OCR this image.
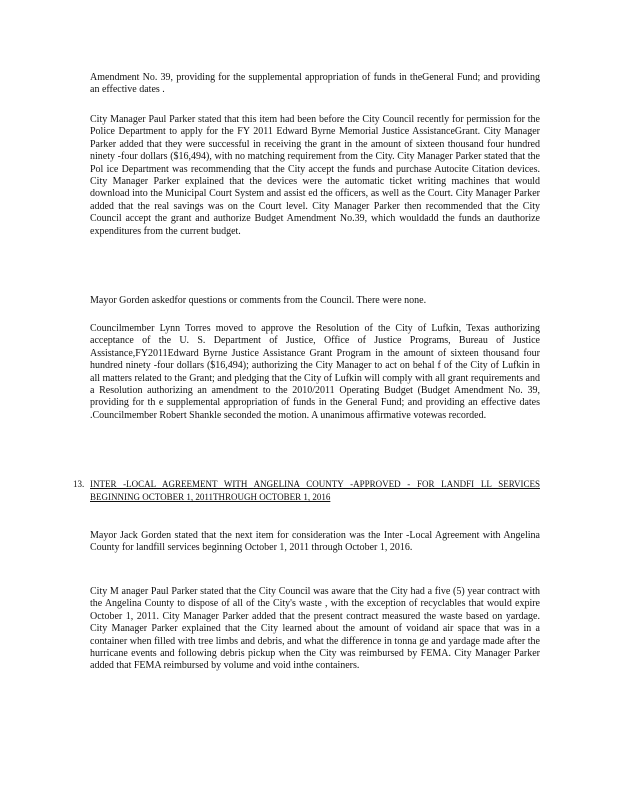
Amendment No. 39, providing for the supplemental appropriation of funds in theGeneral Fund; and providing an effective dates .

City Manager Paul Parker stated that this item had been before the City Council recently for permission for the Police Department to apply for the FY 2011 Edward Byrne Memorial Justice AssistanceGrant. City Manager Parker added that they were successful in receiving the grant in the amount of sixteen thousand four hundred ninety -four dollars ($16,494), with no matching requirement from the City. City Manager Parker stated that the Pol ice Department was recommending that the City accept the funds and purchase Autocite Citation devices. City Manager Parker explained that the devices were the automatic ticket writing machines that would download into the Municipal Court System and assist ed the officers, as well as the Court. City Manager Parker added that the real savings was on the Court level. City Manager Parker then recommended that the City Council accept the grant and authorize Budget Amendment No.39, which wouldadd the funds an dauthorize expenditures from the current budget.

Mayor Gorden askedfor questions or comments from the Council. There were none.

Councilmember Lynn Torres moved to approve the Resolution of the City of Lufkin, Texas authorizing acceptance of the U. S. Department of Justice, Office of Justice Programs, Bureau of Justice Assistance,FY2011Edward Byrne Justice Assistance Grant Program in the amount of sixteen thousand four hundred ninety -four dollars ($16,494); authorizing the City Manager to act on behal f of the City of Lufkin in all matters related to the Grant; and pledging that the City of Lufkin will comply with all grant requirements and a Resolution authorizing an amendment to the 2010/2011 Operating Budget (Budget Amendment No. 39, providing for th e supplemental appropriation of funds in the General Fund; and providing an effective dates .Councilmember Robert Shankle seconded the motion. A unanimous affirmative votewas recorded.

13. INTER -LOCAL AGREEMENT WITH ANGELINA COUNTY -APPROVED - FOR LANDFI LL SERVICES BEGINNING OCTOBER 1, 2011THROUGH OCTOBER 1, 2016

Mayor Jack Gorden stated that the next item for consideration was the Inter -Local Agreement with Angelina County for landfill services beginning October 1, 2011 through October 1, 2016.

City M anager Paul Parker stated that the City Council was aware that the City had a five (5) year contract with the Angelina County to dispose of all of the City's waste , with the exception of recyclables that would expire October 1, 2011. City Manager Parker added that the present contract measured the waste based on yardage. City Manager Parker explained that the City learned about the amount of voidand air space that was in a container when filled with tree limbs and debris, and what the difference in tonna ge and yardage made after the hurricane events and following debris pickup when the City was reimbursed by FEMA. City Manager Parker added that FEMA reimbursed by volume and void inthe containers.
